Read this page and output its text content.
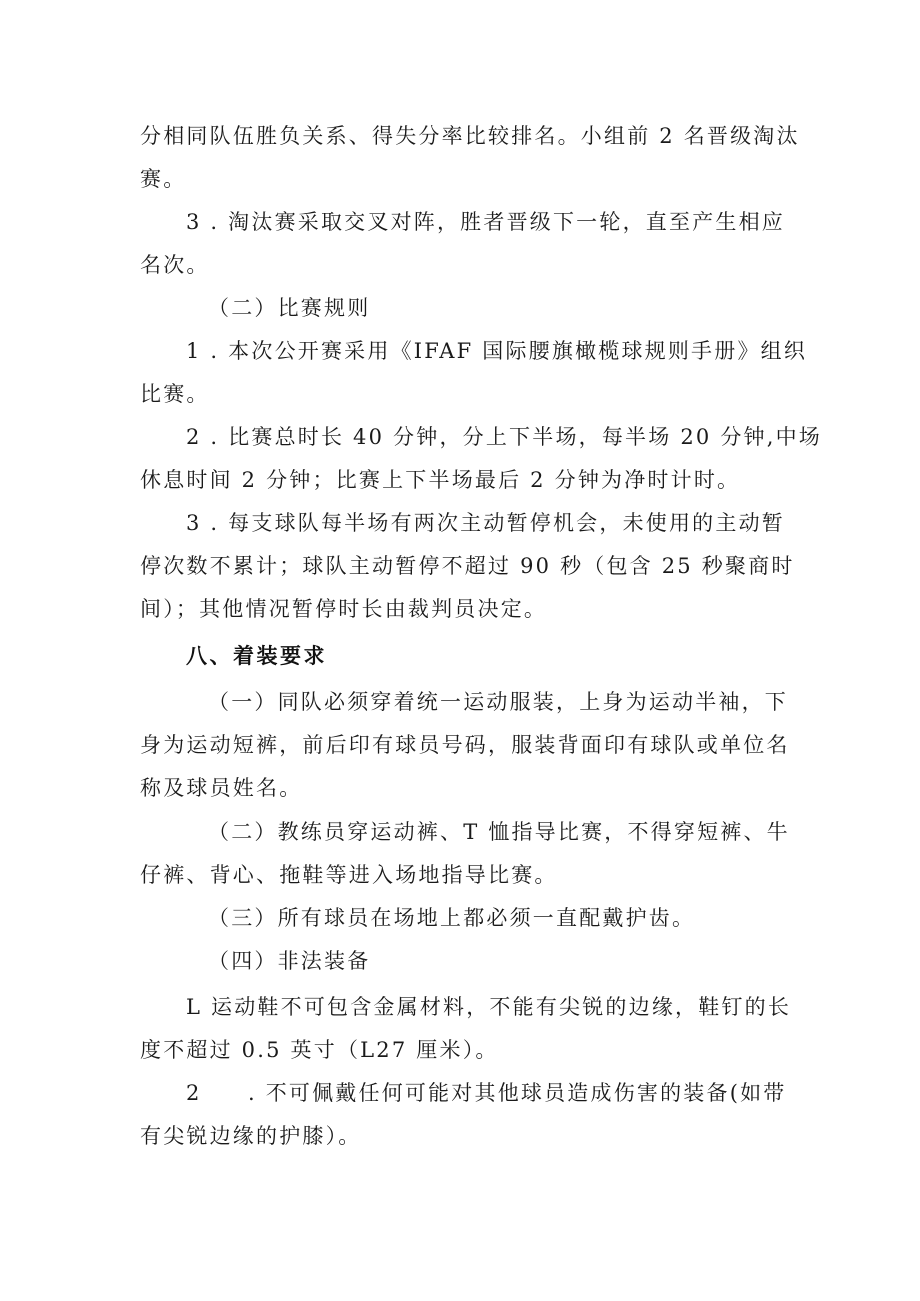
分相同队伍胜负关系、得失分率比较排名。小组前 2 名晋级淘汰
赛。
3 . 淘汰赛采取交叉对阵，胜者晋级下一轮，直至产生相应
名次。
（二）比赛规则
1 . 本次公开赛采用《IFAF 国际腰旗橄榄球规则手册》组织
比赛。
2 . 比赛总时长 40 分钟，分上下半场，每半场 20 分钟,中场
休息时间 2 分钟；比赛上下半场最后 2 分钟为净时计时。
3 . 每支球队每半场有两次主动暂停机会，未使用的主动暂
停次数不累计；球队主动暂停不超过 90 秒（包含 25 秒聚商时
间）；其他情况暂停时长由裁判员决定。
八、着装要求
（一）同队必须穿着统一运动服装，上身为运动半袖，下
身为运动短裤，前后印有球员号码，服装背面印有球队或单位名
称及球员姓名。
（二）教练员穿运动裤、T 恤指导比赛，不得穿短裤、牛
仔裤、背心、拖鞋等进入场地指导比赛。
（三）所有球员在场地上都必须一直配戴护齿。
（四）非法装备
L 运动鞋不可包含金属材料，不能有尖锐的边缘，鞋钉的长
度不超过 0.5 英寸（L27 厘米）。
2　　. 不可佩戴任何可能对其他球员造成伤害的装备(如带
有尖锐边缘的护膝）。
